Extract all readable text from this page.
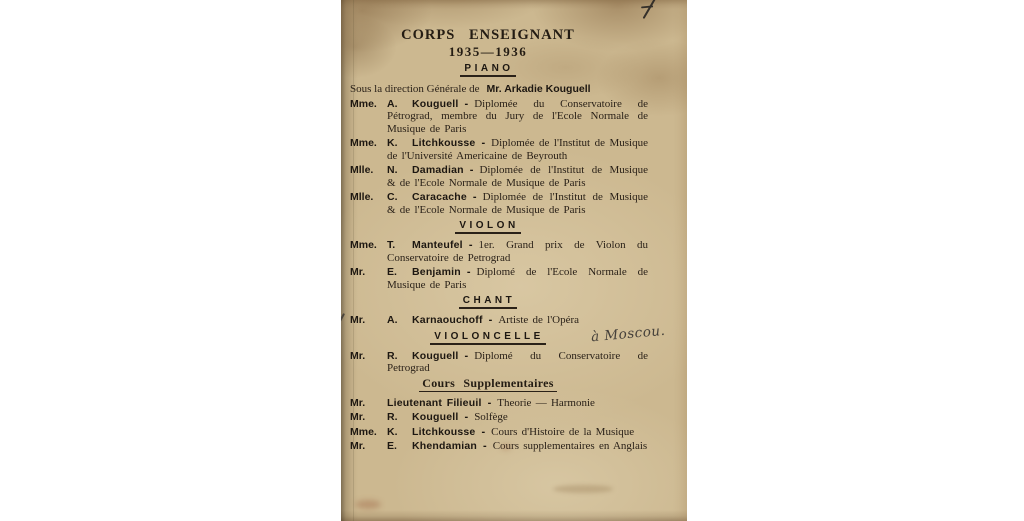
CORPS ENSEIGNANT
1935—1936
PIANO
Sous la direction Générale de Mr. Arkadie Kouguell
Mme. A. Kouguell - Diplomée du Conservatoire de Pétrograd, membre du Jury de l'Ecole Normale de Musique de Paris
Mme. K. Litchkousse - Diplomée de l'Institut de Musique de l'Université Americaine de Beyrouth
Mlle. N. Damadian - Diplomée de l'Institut de Musique & de l'Ecole Normale de Musique de Paris
Mlle. C. Caracache - Diplomée de l'Institut de Musique & de l'Ecole Normale de Musique de Paris
VIOLON
Mme. T. Manteufel - 1er. Grand prix de Violon du Conservatoire de Petrograd
Mr. E. Benjamin - Diplomé de l'Ecole Normale de Musique de Paris
CHANT
Mr. A. Karnaouchoff - Artiste de l'Opéra
VIOLONCELLE
Mr. R. Kouguell - Diplomé du Conservatoire de Petrograd
Cours Supplementaires
Mr. Lieutenant Filieuil - Theorie — Harmonie
Mr. R. Kouguell - Solfège
Mme. K. Litchkousse - Cours d'Histoire de la Musique
Mr. E. Khendamian - Cours supplementaires en Anglais
à Moscou.
